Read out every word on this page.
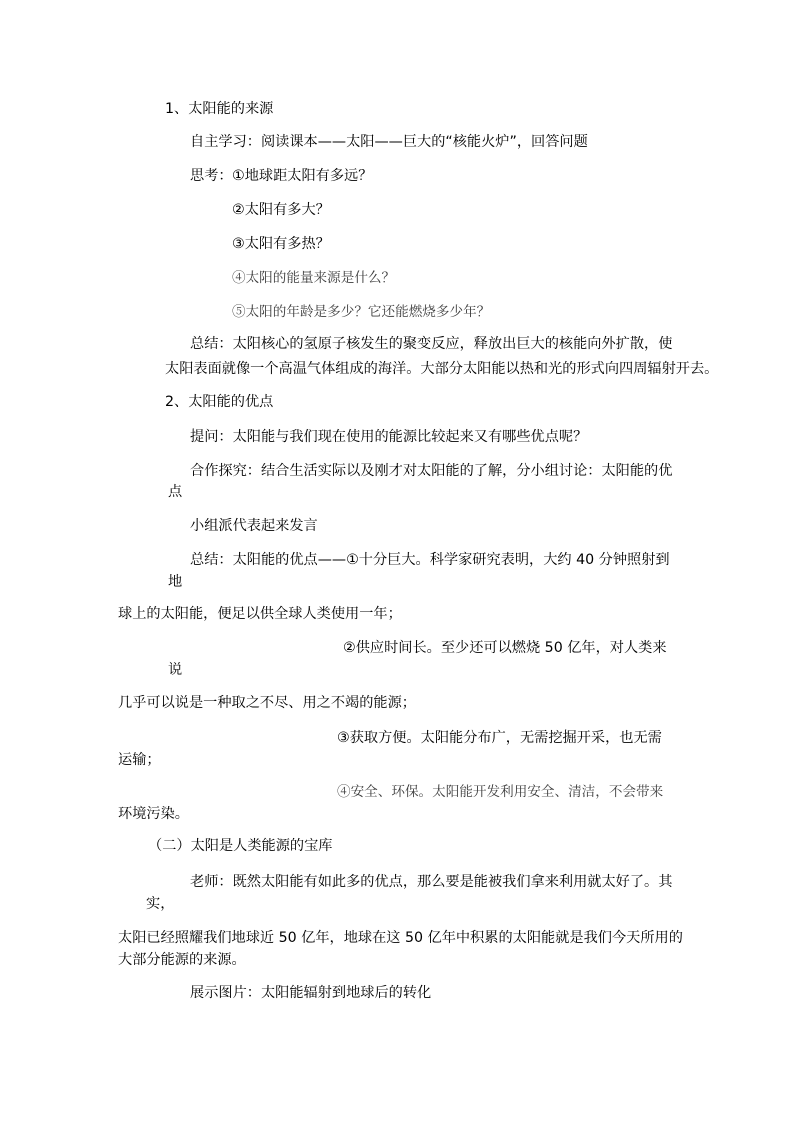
1、太阳能的来源
自主学习：阅读课本——太阳——巨大的“核能火炉”，回答问题
思考： ①地球距太阳有多远？
②太阳有多大？
③太阳有多热？
④太阳的能量来源是什么？
⑤太阳的年龄是多少？它还能燃烧多少年？
总结：太阳核心的氢原子核发生的聚变反应，释放出巨大的核能向外扩散，使
太阳表面就像一个高温气体组成的海洋。大部分太阳能以热和光的形式向四周辐射开去。
2、太阳能的优点
提问：太阳能与我们现在使用的能源比较起来又有哪些优点呢？
合作探究：结合生活实际以及刚才对太阳能的了解，分小组讨论：太阳能的优
点
小组派代表起来发言
总结：太阳能的优点——①十分巨大。科学家研究表明，大约 40 分钟照射到
地
球上的太阳能，便足以供全球人类使用一年；
②供应时间长。至少还可以燃烧 50 亿年，对人类来
说
几乎可以说是一种取之不尽、用之不竭的能源；
③获取方便。太阳能分布广，无需挖掘开采，也无需
运输；
④安全、环保。太阳能开发利用安全、清洁，不会带来
环境污染。
（二）太阳是人类能源的宝库
老师：既然太阳能有如此多的优点，那么要是能被我们拿来利用就太好了。其
实，
太阳已经照耀我们地球近 50 亿年，地球在这 50 亿年中积累的太阳能就是我们今天所用的
大部分能源的来源。
展示图片：太阳能辐射到地球后的转化
